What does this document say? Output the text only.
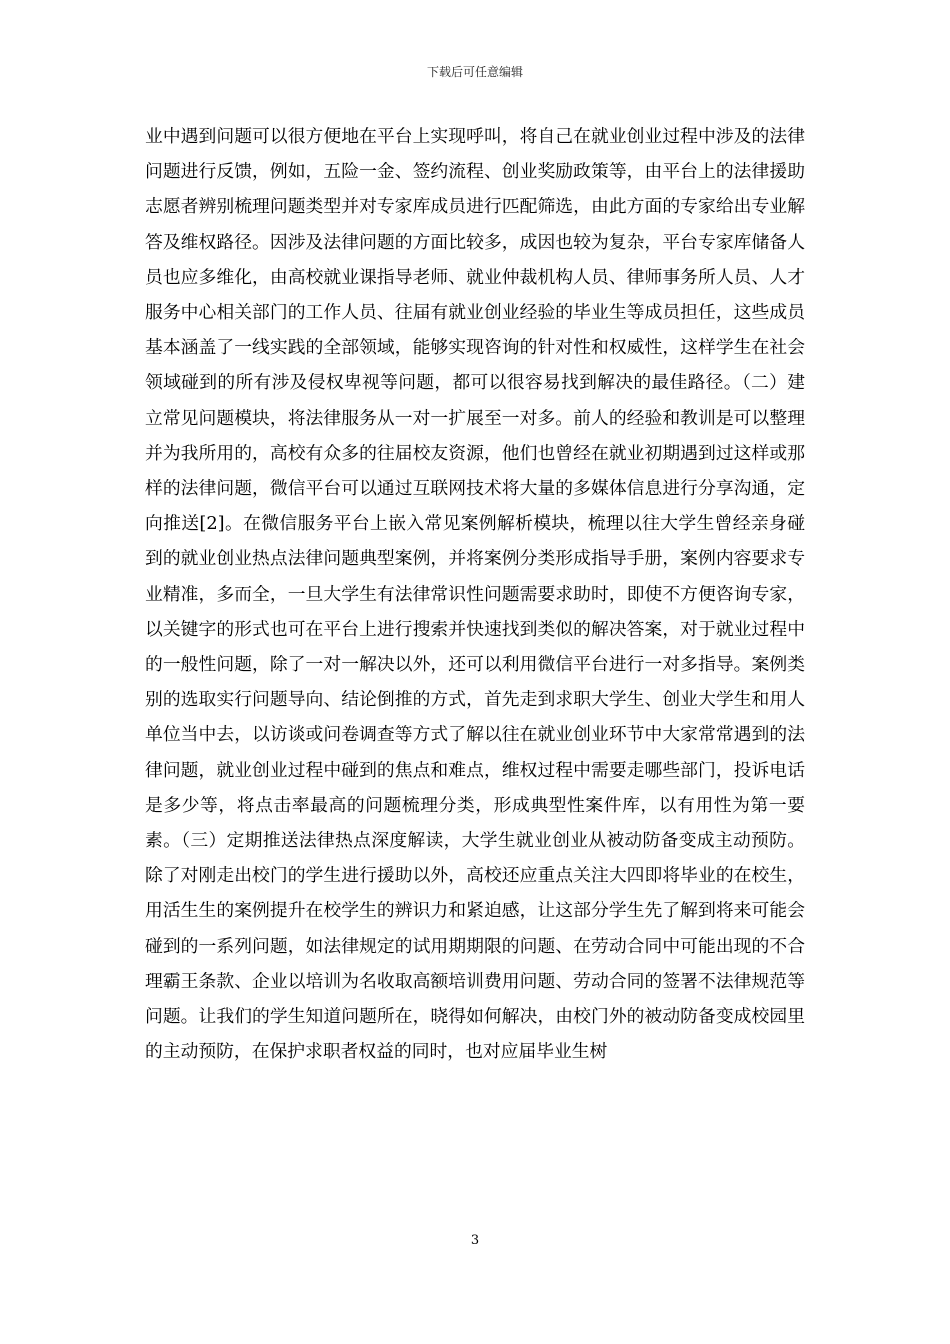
下载后可任意编辑

业中遇到问题可以很方便地在平台上实现呼叫，将自己在就业创业过程中涉及的法律问题进行反馈，例如，五险一金、签约流程、创业奖励政策等，由平台上的法律援助志愿者辨别梳理问题类型并对专家库成员进行匹配筛选，由此方面的专家给出专业解答及维权路径。因涉及法律问题的方面比较多，成因也较为复杂，平台专家库储备人员也应多维化，由高校就业课指导老师、就业仲裁机构人员、律师事务所人员、人才服务中心相关部门的工作人员、往届有就业创业经验的毕业生等成员担任，这些成员基本涵盖了一线实践的全部领域，能够实现咨询的针对性和权威性，这样学生在社会领域碰到的所有涉及侵权卑视等问题，都可以很容易找到解决的最佳路径。（二）建立常见问题模块，将法律服务从一对一扩展至一对多。前人的经验和教训是可以整理并为我所用的，高校有众多的往届校友资源，他们也曾经在就业初期遇到过这样或那样的法律问题，微信平台可以通过互联网技术将大量的多媒体信息进行分享沟通，定向推送[2]。在微信服务平台上嵌入常见案例解析模块，梳理以往大学生曾经亲身碰到的就业创业热点法律问题典型案例，并将案例分类形成指导手册，案例内容要求专业精准，多而全，一旦大学生有法律常识性问题需要求助时，即使不方便咨询专家，以关键字的形式也可在平台上进行搜索并快速找到类似的解决答案，对于就业过程中的一般性问题，除了一对一解决以外，还可以利用微信平台进行一对多指导。案例类别的选取实行问题导向、结论倒推的方式，首先走到求职大学生、创业大学生和用人单位当中去，以访谈或问卷调查等方式了解以往在就业创业环节中大家常常遇到的法律问题，就业创业过程中碰到的焦点和难点，维权过程中需要走哪些部门，投诉电话是多少等，将点击率最高的问题梳理分类，形成典型性案件库，以有用性为第一要素。（三）定期推送法律热点深度解读，大学生就业创业从被动防备变成主动预防。除了对刚走出校门的学生进行援助以外，高校还应重点关注大四即将毕业的在校生，用活生生的案例提升在校学生的辨识力和紧迫感，让这部分学生先了解到将来可能会碰到的一系列问题，如法律规定的试用期期限的问题、在劳动合同中可能出现的不合理霸王条款、企业以培训为名收取高额培训费用问题、劳动合同的签署不法律规范等问题。让我们的学生知道问题所在，晓得如何解决，由校门外的被动防备变成校园里的主动预防，在保护求职者权益的同时，也对应届毕业生树

3
